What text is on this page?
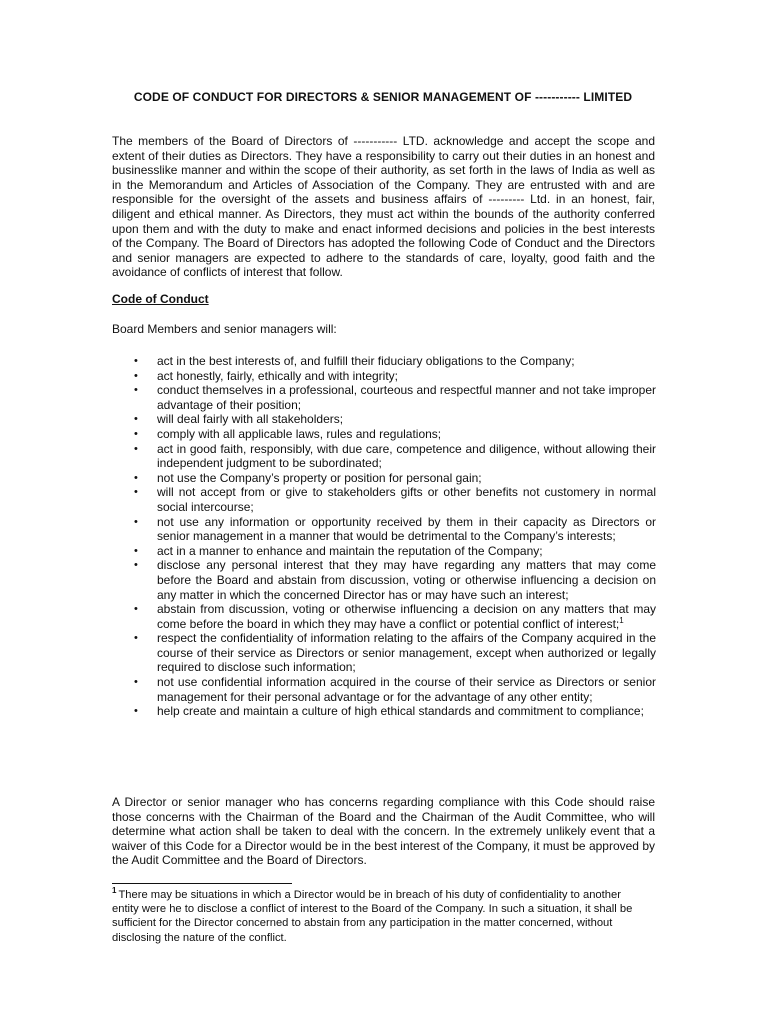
CODE OF CONDUCT FOR DIRECTORS & SENIOR MANAGEMENT OF ----------- LIMITED
The members of the Board of Directors of ----------- LTD. acknowledge and accept the scope and extent of their duties as Directors. They have a responsibility to carry out their duties in an honest and businesslike manner and within the scope of their authority, as set forth in the laws of India as well as in the Memorandum and Articles of Association of the Company. They are entrusted with and are responsible for the oversight of the assets and business affairs of --------- Ltd. in an honest, fair, diligent and ethical manner. As Directors, they must act within the bounds of the authority conferred upon them and with the duty to make and enact informed decisions and policies in the best interests of the Company. The Board of Directors has adopted the following Code of Conduct and the Directors and senior managers are expected to adhere to the standards of care, loyalty, good faith and the avoidance of conflicts of interest that follow.
Code of Conduct
Board Members and senior managers will:
• act in the best interests of, and fulfill their fiduciary obligations to the Company;
• act honestly, fairly, ethically and with integrity;
• conduct themselves in a professional, courteous and respectful manner and not take improper advantage of their position;
• will deal fairly with all stakeholders;
• comply with all applicable laws, rules and regulations;
• act in good faith, responsibly, with due care, competence and diligence, without allowing their independent judgment to be subordinated;
• not use the Company’s property or position for personal gain;
• will not accept from or give to stakeholders gifts or other benefits not customery in normal social intercourse;
• not use any information or opportunity received by them in their capacity as Directors or senior management in a manner that would be detrimental to the Company’s interests;
• act in a manner to enhance and maintain the reputation of the Company;
• disclose any personal interest that they may have regarding any matters that may come before the Board and abstain from discussion, voting or otherwise influencing a decision on any matter in which the concerned Director has or may have such an interest;
• abstain from discussion, voting or otherwise influencing a decision on any matters that may come before the board in which they may have a conflict or potential conflict of interest;$^1$
• respect the confidentiality of information relating to the affairs of the Company acquired in the course of their service as Directors or senior management, except when authorized or legally required to disclose such information;
• not use confidential information acquired in the course of their service as Directors or senior management for their personal advantage or for the advantage of any other entity;
• help create and maintain a culture of high ethical standards and commitment to compliance;
A Director or senior manager who has concerns regarding compliance with this Code should raise those concerns with the Chairman of the Board and the Chairman of the Audit Committee, who will determine what action shall be taken to deal with the concern. In the extremely unlikely event that a waiver of this Code for a Director would be in the best interest of the Company, it must be approved by the Audit Committee and the Board of Directors.
$^1$ There may be situations in which a Director would be in breach of his duty of confidentiality to another entity were he to disclose a conflict of interest to the Board of the Company. In such a situation, it shall be sufficient for the Director concerned to abstain from any participation in the matter concerned, without disclosing the nature of the conflict.
